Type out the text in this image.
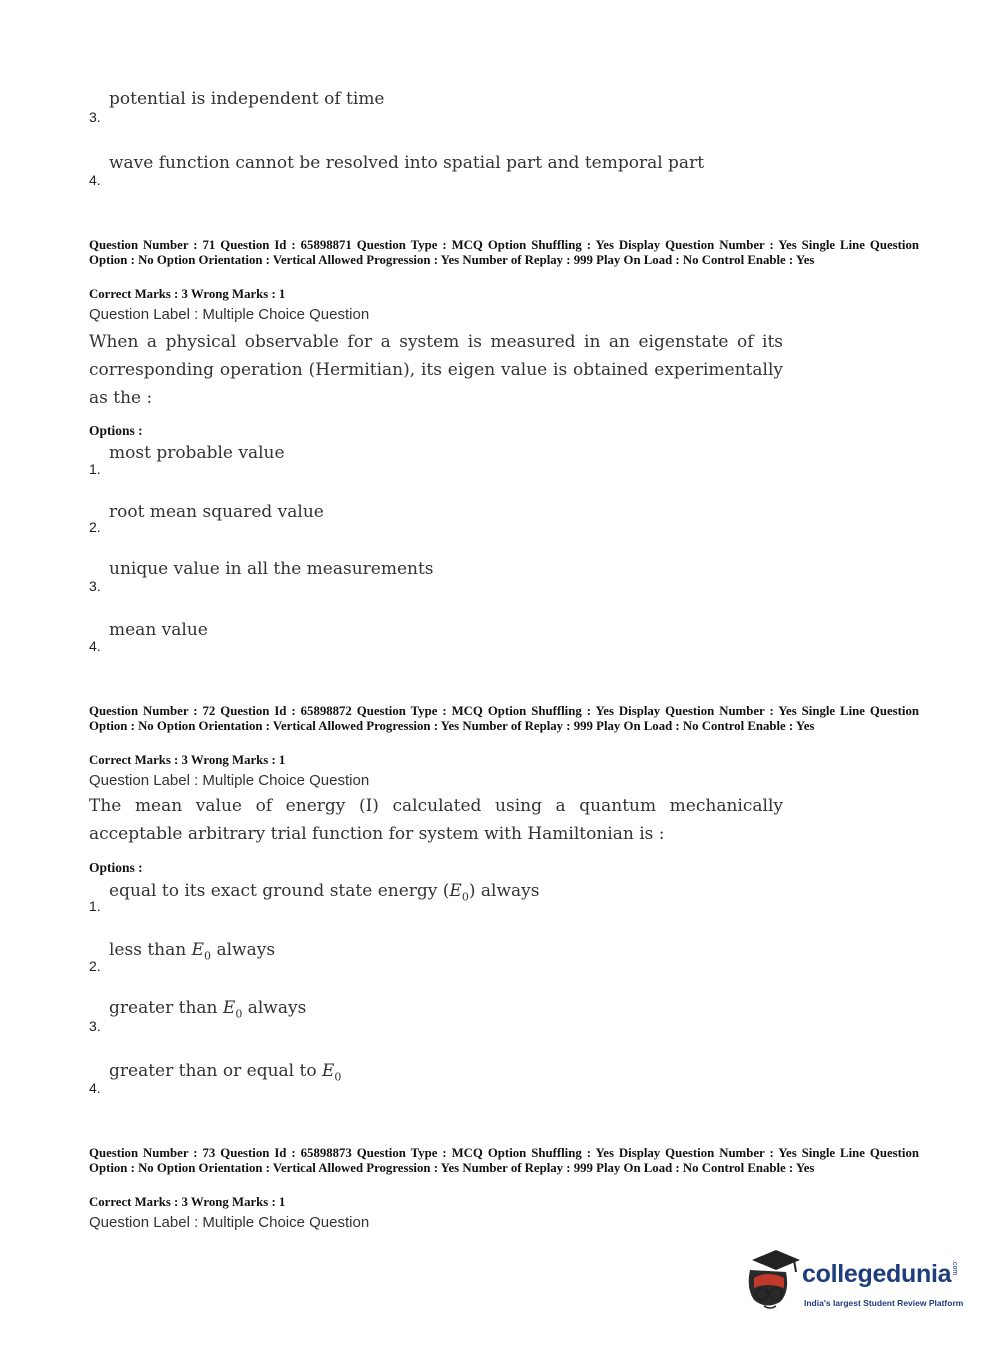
3.
potential is independent of time
4.
wave function cannot be resolved into spatial part and temporal part
Question Number : 71 Question Id : 65898871 Question Type : MCQ Option Shuffling : Yes Display Question Number : Yes Single Line Question Option : No Option Orientation : Vertical Allowed Progression : Yes Number of Replay : 999 Play On Load : No Control Enable : Yes
Correct Marks : 3 Wrong Marks : 1
Question Label : Multiple Choice Question
When a physical observable for a system is measured in an eigenstate of its corresponding operation (Hermitian), its eigen value is obtained experimentally as the :
Options :
1.
most probable value
2.
root mean squared value
3.
unique value in all the measurements
4.
mean value
Question Number : 72 Question Id : 65898872 Question Type : MCQ Option Shuffling : Yes Display Question Number : Yes Single Line Question Option : No Option Orientation : Vertical Allowed Progression : Yes Number of Replay : 999 Play On Load : No Control Enable : Yes
Correct Marks : 3 Wrong Marks : 1
Question Label : Multiple Choice Question
The mean value of energy (I) calculated using a quantum mechanically acceptable arbitrary trial function for system with Hamiltonian is :
Options :
1.
equal to its exact ground state energy $(E_0)$ always
2.
less than $E_0$ always
3.
greater than $E_0$ always
4.
greater than or equal to $E_0$
Question Number : 73 Question Id : 65898873 Question Type : MCQ Option Shuffling : Yes Display Question Number : Yes Single Line Question Option : No Option Orientation : Vertical Allowed Progression : Yes Number of Replay : 999 Play On Load : No Control Enable : Yes
Correct Marks : 3 Wrong Marks : 1
Question Label : Multiple Choice Question
collegedunia.com
India's largest Student Review Platform
